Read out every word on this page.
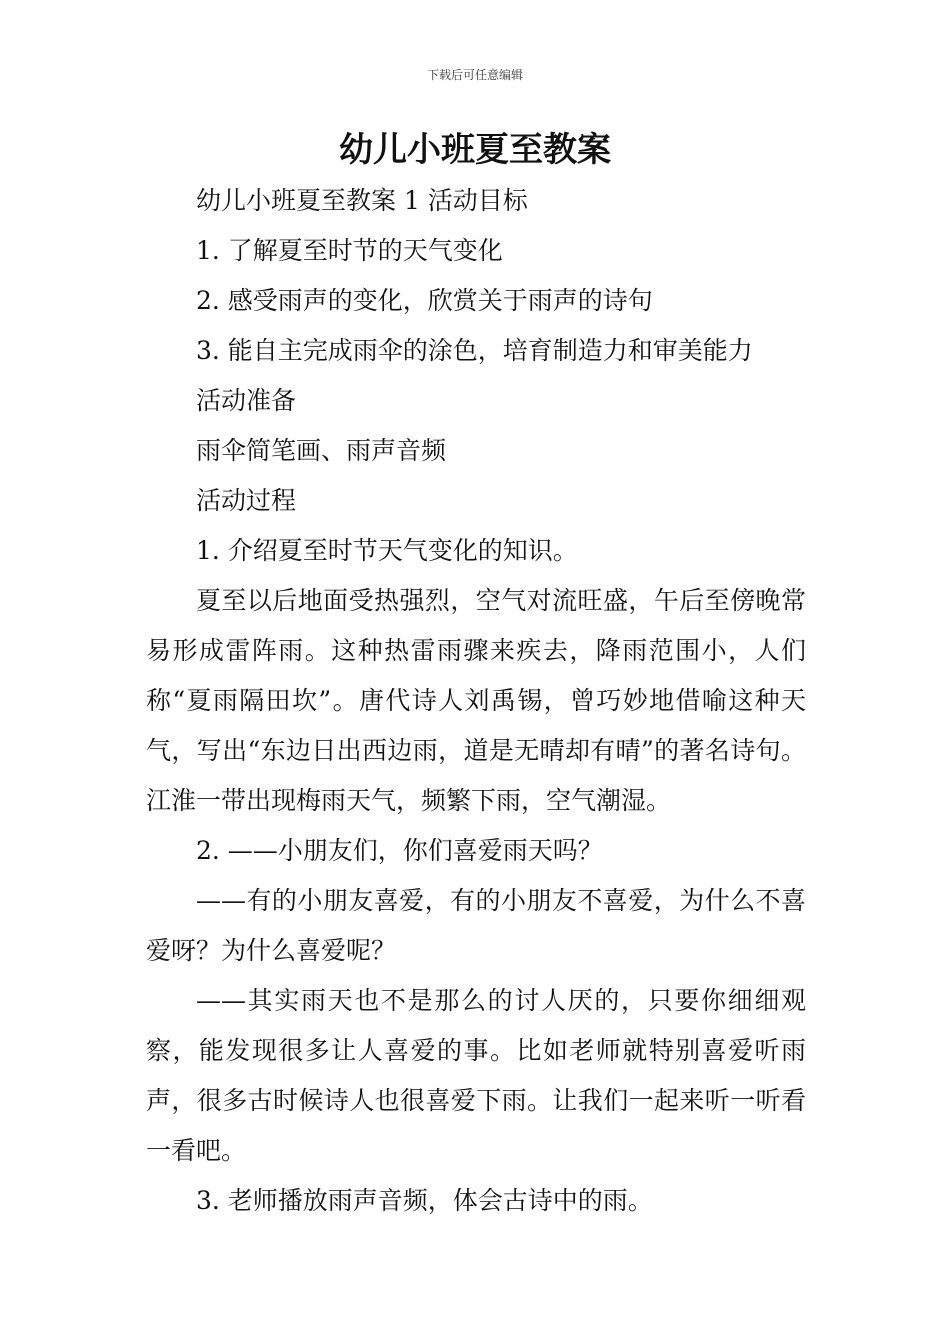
下载后可任意编辑
幼儿小班夏至教案

幼儿小班夏至教案 1 活动目标

1. 了解夏至时节的天气变化

2. 感受雨声的变化，欣赏关于雨声的诗句

3. 能自主完成雨伞的涂色，培育制造力和审美能力

活动准备

雨伞简笔画、雨声音频

活动过程

1. 介绍夏至时节天气变化的知识。

夏至以后地面受热强烈，空气对流旺盛，午后至傍晚常易形成雷阵雨。这种热雷雨骤来疾去，降雨范围小，人们称“夏雨隔田坎”。唐代诗人刘禹锡，曾巧妙地借喻这种天气，写出“东边日出西边雨，道是无晴却有晴”的著名诗句。江淮一带出现梅雨天气，频繁下雨，空气潮湿。

2. ——小朋友们，你们喜爱雨天吗？

——有的小朋友喜爱，有的小朋友不喜爱，为什么不喜爱呀？为什么喜爱呢？

——其实雨天也不是那么的讨人厌的，只要你细细观察，能发现很多让人喜爱的事。比如老师就特别喜爱听雨声，很多古时候诗人也很喜爱下雨。让我们一起来听一听看一看吧。

3. 老师播放雨声音频，体会古诗中的雨。
